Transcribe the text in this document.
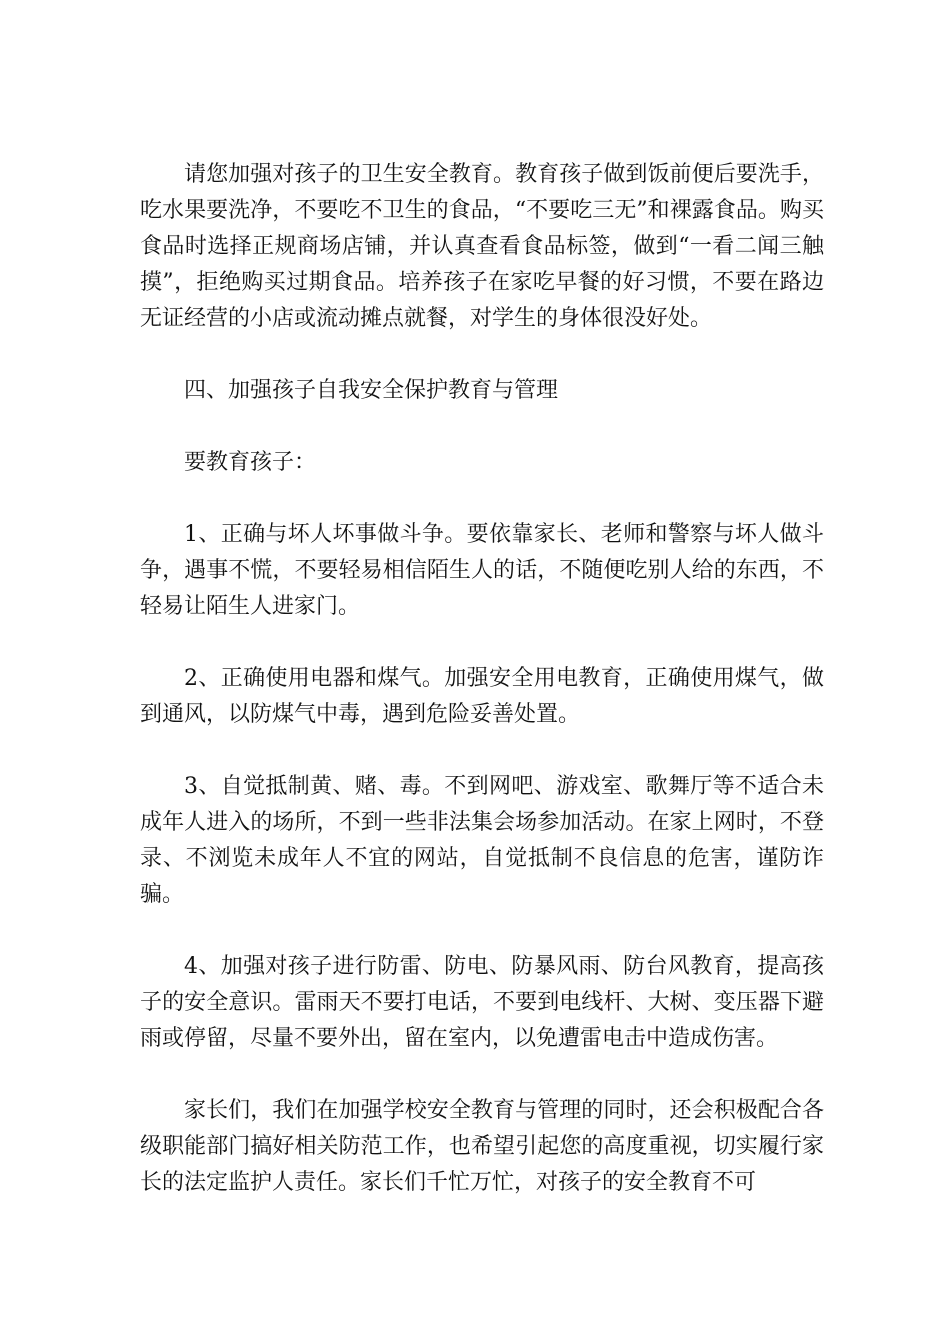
请您加强对孩子的卫生安全教育。教育孩子做到饭前便后要洗手，吃水果要洗净，不要吃不卫生的食品，“不要吃三无”和裸露食品。购买食品时选择正规商场店铺，并认真查看食品标签，做到“一看二闻三触摸”，拒绝购买过期食品。培养孩子在家吃早餐的好习惯，不要在路边无证经营的小店或流动摊点就餐，对学生的身体很没好处。

四、加强孩子自我安全保护教育与管理

要教育孩子：

1、正确与坏人坏事做斗争。要依靠家长、老师和警察与坏人做斗争，遇事不慌，不要轻易相信陌生人的话，不随便吃别人给的东西，不轻易让陌生人进家门。

2、正确使用电器和煤气。加强安全用电教育，正确使用煤气，做到通风，以防煤气中毒，遇到危险妥善处置。

3、自觉抵制黄、赌、毒。不到网吧、游戏室、歌舞厅等不适合未成年人进入的场所，不到一些非法集会场参加活动。在家上网时，不登录、不浏览未成年人不宜的网站，自觉抵制不良信息的危害，谨防诈骗。

4、加强对孩子进行防雷、防电、防暴风雨、防台风教育，提高孩子的安全意识。雷雨天不要打电话，不要到电线杆、大树、变压器下避雨或停留，尽量不要外出，留在室内，以免遭雷电击中造成伤害。

家长们，我们在加强学校安全教育与管理的同时，还会积极配合各级职能部门搞好相关防范工作，也希望引起您的高度重视，切实履行家长的法定监护人责任。家长们千忙万忙，对孩子的安全教育不可
